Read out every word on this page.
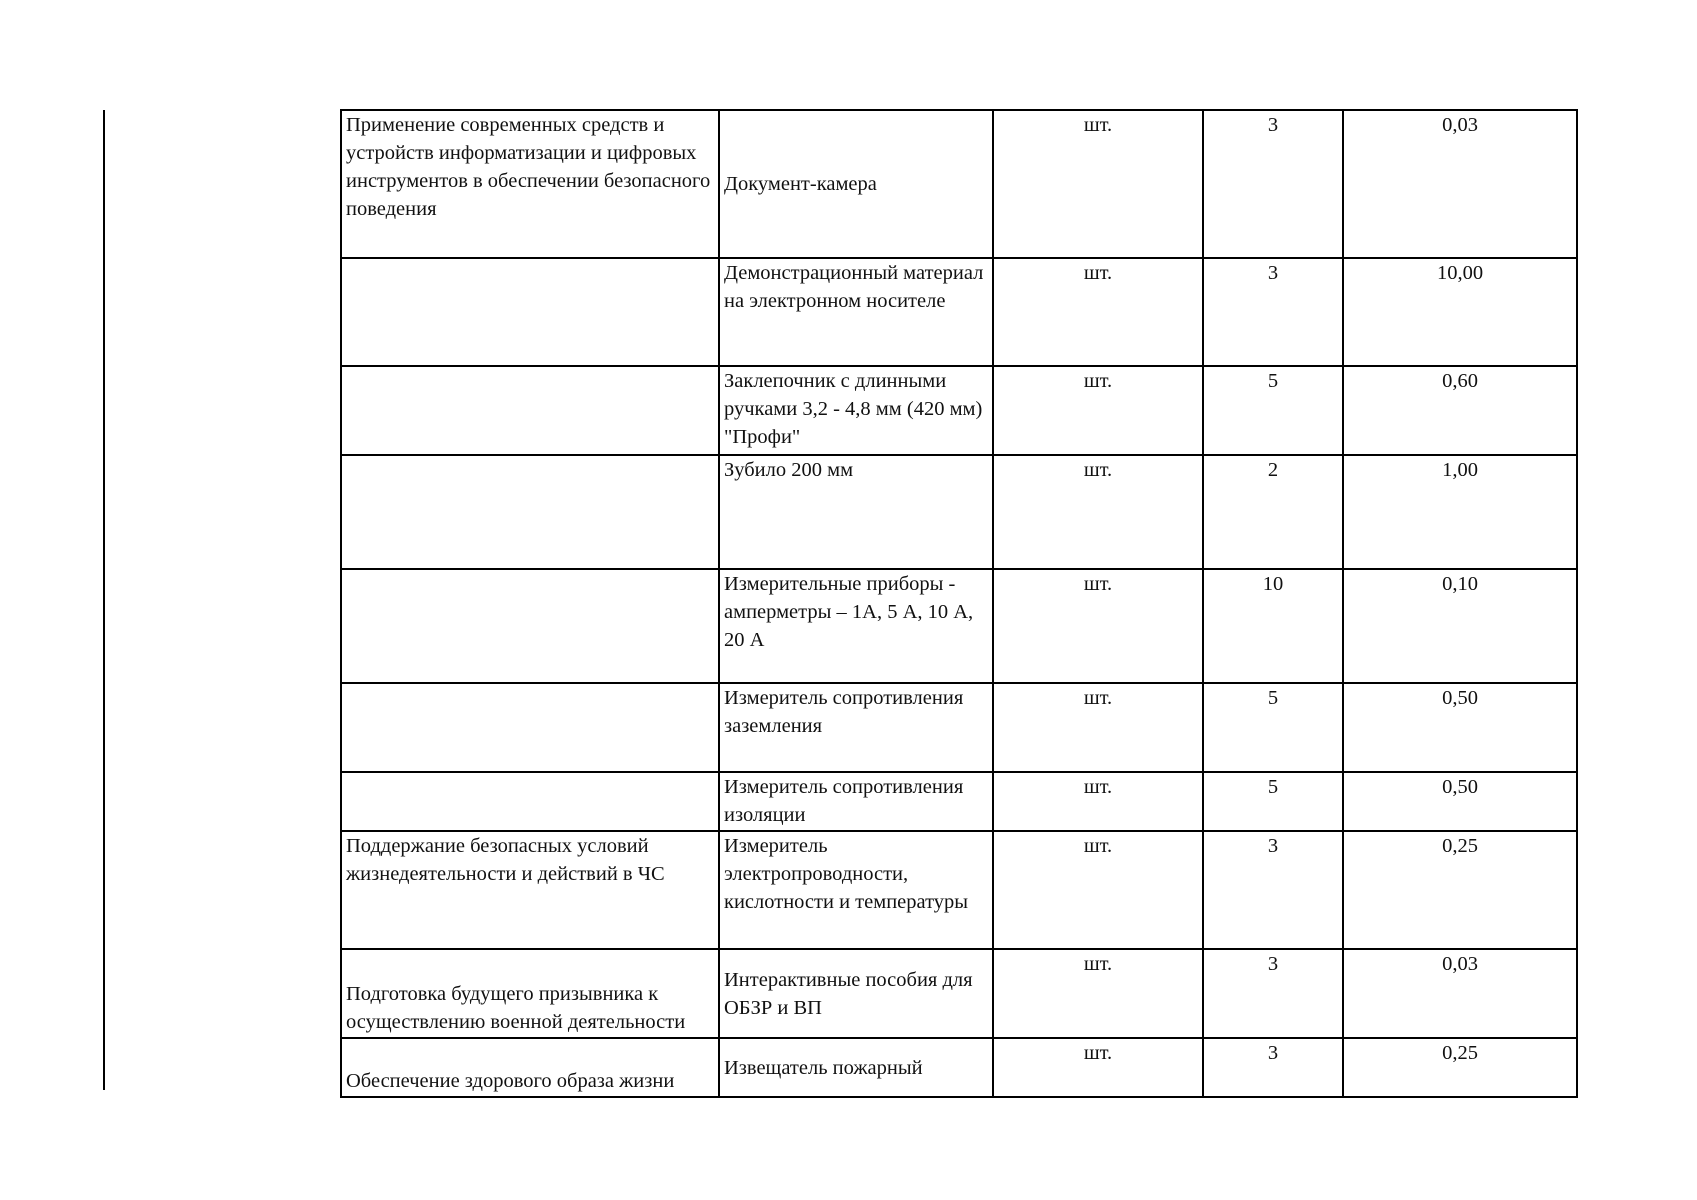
Применение современных средств и устройств информатизации и цифровых инструментов в обеспечении безопасного поведения	Документ-камера	шт.	3	0,03
	Демонстрационный материал на электронном носителе	шт.	3	10,00
	Заклепочник с длинными ручками 3,2 - 4,8 мм (420 мм) "Профи"	шт.	5	0,60
	Зубило 200 мм	шт.	2	1,00
	Измерительные приборы - амперметры – 1А, 5 А, 10 А, 20 А	шт.	10	0,10
	Измеритель сопротивления заземления	шт.	5	0,50
	Измеритель сопротивления изоляции	шт.	5	0,50
Поддержание безопасных условий жизнедеятельности и действий в ЧС	Измеритель электропроводности, кислотности и температуры	шт.	3	0,25
Подготовка будущего призывника к осуществлению военной деятельности	Интерактивные пособия для ОБЗР и ВП	шт.	3	0,03
Обеспечение здорового образа жизни	Извещатель пожарный	шт.	3	0,25
